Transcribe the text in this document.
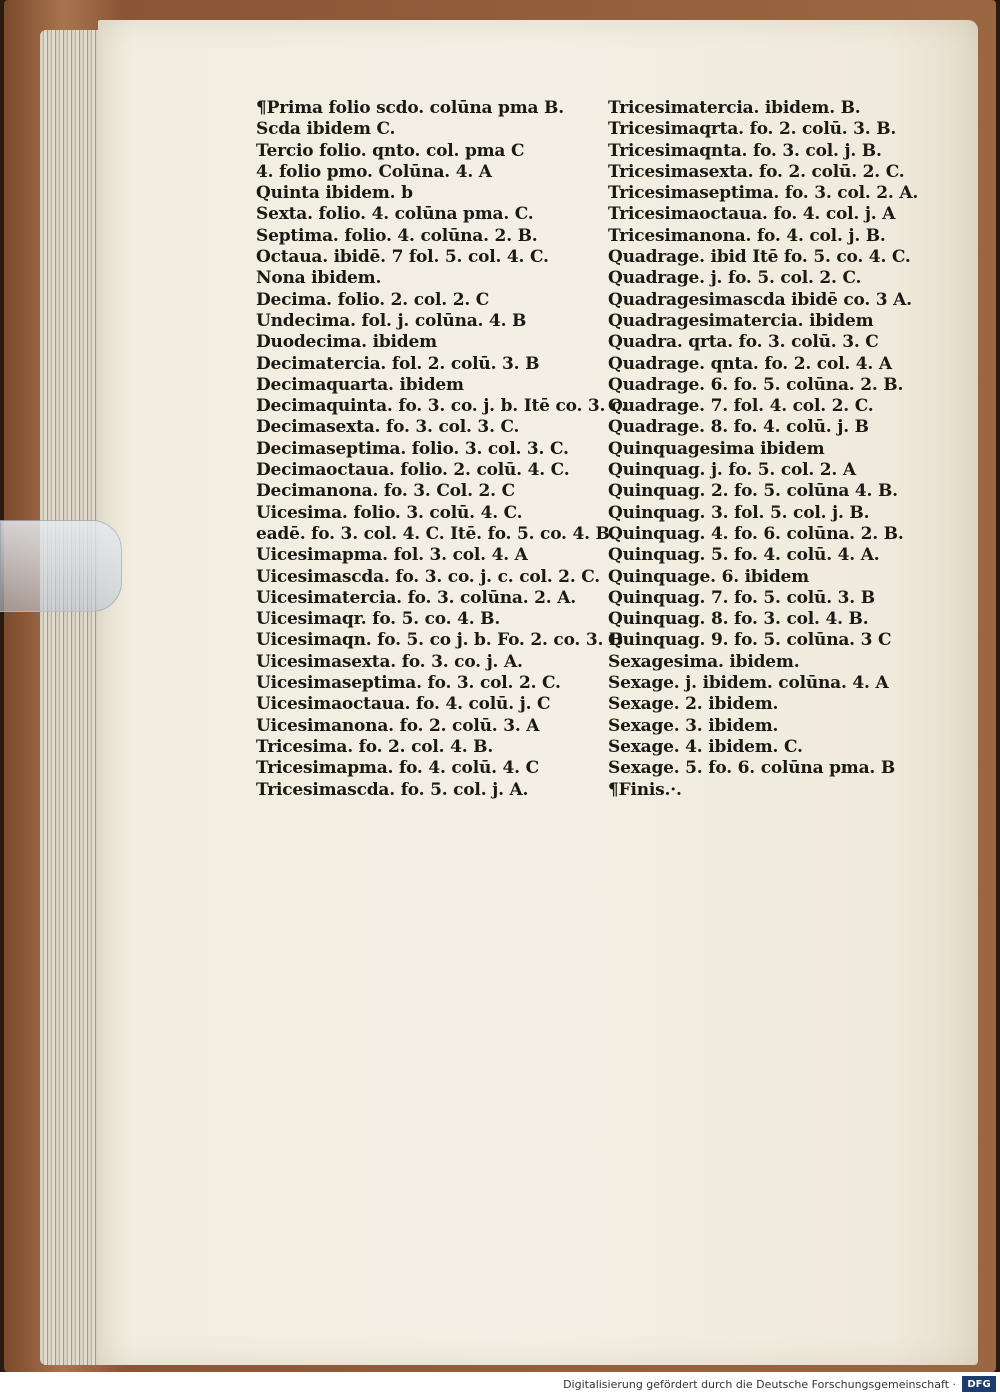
¶Prima folio scdo. colūna pma B.
Scda ibidem C.
Tercio folio. qnto. col. pma C
4. folio pmo. Colūna. 4. A
Quinta ibidem. b
Sexta. folio. 4. colūna pma. C.
Septima. folio. 4. colūna. 2. B.
Octaua. ibidē. 7 fol. 5. col. 4. C.
Nona ibidem.
Decima. folio. 2. col. 2. C
Undecima. fol. j. colūna. 4. B
Duodecima. ibidem
Decimatercia. fol. 2. colū. 3. B
Decimaquarta. ibidem
Decimaquinta. fo. 3. co. j. b. Itē co. 3. c.
Decimasexta. fo. 3. col. 3. C.
Decimaseptima. folio. 3. col. 3. C.
Decimaoctaua. folio. 2. colū. 4. C.
Decimanona. fo. 3. Col. 2. C
Uicesima. folio. 3. colū. 4. C.
eadē. fo. 3. col. 4. C. Itē. fo. 5. co. 4. B.
Uicesimapma. fol. 3. col. 4. A
Uicesimascda. fo. 3. co. j. c. col. 2. C.
Uicesimatercia. fo. 3. colūna. 2. A.
Uicesimaqr. fo. 5. co. 4. B.
Uicesimaqn. fo. 5. co j. b. Fo. 2. co. 3. B
Uicesimasexta. fo. 3. co. j. A.
Uicesimaseptima. fo. 3. col. 2. C.
Uicesimaoctaua. fo. 4. colū. j. C
Uicesimanona. fo. 2. colū. 3. A
Tricesima. fo. 2. col. 4. B.
Tricesimapma. fo. 4. colū. 4. C
Tricesimascda. fo. 5. col. j. A.
Tricesimatercia. ibidem. B.
Tricesimaqrta. fo. 2. colū. 3. B.
Tricesimaqnta. fo. 3. col. j. B.
Tricesimasexta. fo. 2. colū. 2. C.
Tricesimaseptima. fo. 3. col. 2. A.
Tricesimaoctaua. fo. 4. col. j. A
Tricesimanona. fo. 4. col. j. B.
Quadrage. ibid Itē fo. 5. co. 4. C.
Quadrage. j. fo. 5. col. 2. C.
Quadragesimascda ibidē co. 3 A.
Quadragesimatercia. ibidem
Quadra. qrta. fo. 3. colū. 3. C
Quadrage. qnta. fo. 2. col. 4. A
Quadrage. 6. fo. 5. colūna. 2. B.
Quadrage. 7. fol. 4. col. 2. C.
Quadrage. 8. fo. 4. colū. j. B
Quinquagesima ibidem
Quinquag. j. fo. 5. col. 2. A
Quinquag. 2. fo. 5. colūna 4. B.
Quinquag. 3. fol. 5. col. j. B.
Quinquag. 4. fo. 6. colūna. 2. B.
Quinquag. 5. fo. 4. colū. 4. A.
Quinquage. 6. ibidem
Quinquag. 7. fo. 5. colū. 3. B
Quinquag. 8. fo. 3. col. 4. B.
Quinquag. 9. fo. 5. colūna. 3 C
Sexagesima. ibidem.
Sexage. j. ibidem. colūna. 4. A
Sexage. 2. ibidem.
Sexage. 3. ibidem.
Sexage. 4. ibidem. C.
Sexage. 5. fo. 6. colūna pma. B
¶Finis.·.
Digitalisierung gefördert durch die Deutsche Forschungsgemeinschaft ·	DFG
